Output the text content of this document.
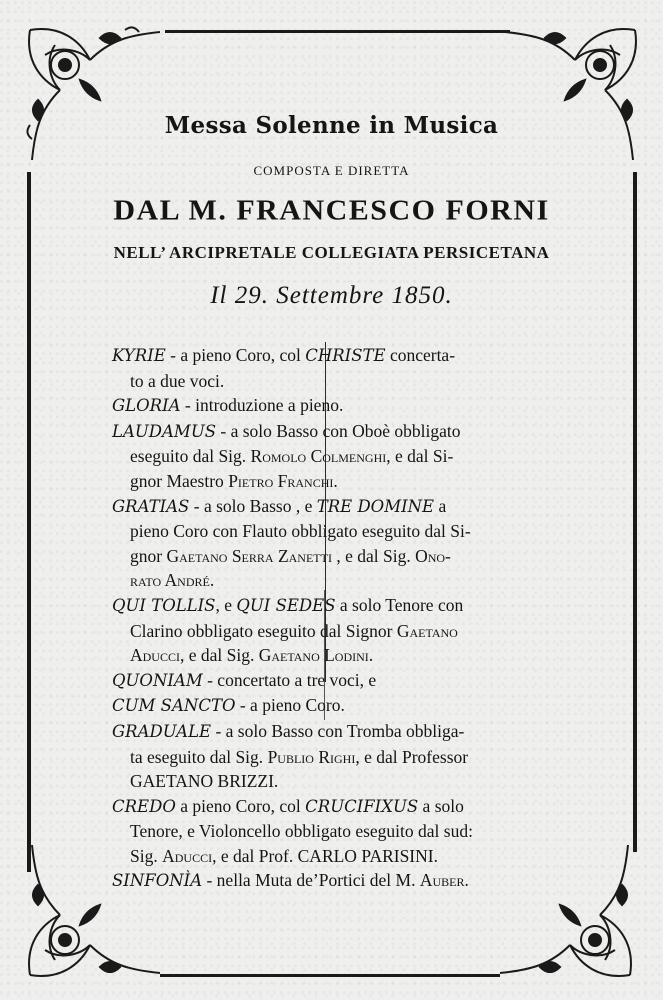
Messa Solenne in Musica
COMPOSTA E DIRETTA
DAL M. FRANCESCO FORNI
NELL’ ARCIPRETALE COLLEGIATA PERSICETANA
Il 29. Settembre 1850.
KYRIE - a pieno Coro, col CHRISTE concerta-
to a due voci.
GLORIA - introduzione a pieno.
LAUDAMUS - a solo Basso con Oboè obbligato
eseguito dal Sig. Romolo Colmenghi, e dal Si-
gnor Maestro Pietro Franchi.
GRATIAS - a solo Basso , e TRE DOMINE a
pieno Coro con Flauto obbligato eseguito dal Si-
gnor Gaetano Serra Zanetti , e dal Sig. Ono-
rato André.
QUI TOLLIS, e QUI SEDES a solo Tenore con
Clarino obbligato eseguito dal Signor Gaetano
Aducci, e dal Sig. Gaetano Lodini.
QUONIAM - concertato a tre voci, e
CUM SANCTO - a pieno Coro.
GRADUALE - a solo Basso con Tromba obbliga-
ta eseguito dal Sig. Publio Righi, e dal Professor
GAETANO BRIZZI.
CREDO a pieno Coro, col CRUCIFIXUS a solo
Tenore, e Violoncello obbligato eseguito dal sud:
Sig. Aducci, e dal Prof. CARLO PARISINI.
SINFONÌA - nella Muta de’Portici del M. Auber.
